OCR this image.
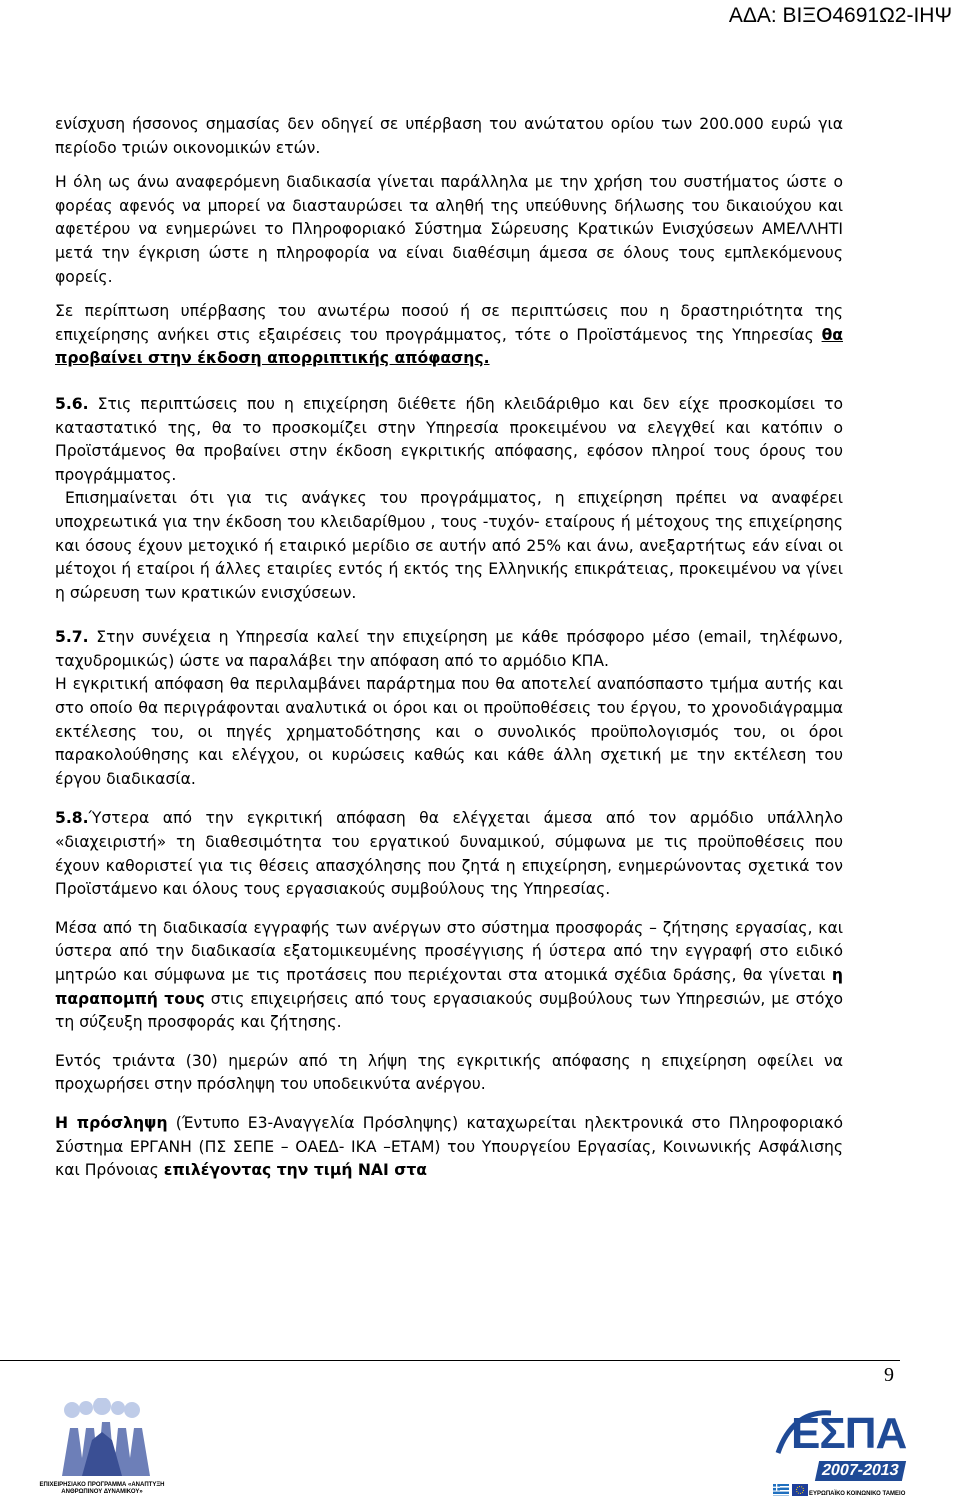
ΑΔΑ: ΒΙΞΟ4691Ω2-ΙΗΨ

ενίσχυση ήσσονος σημασίας δεν οδηγεί σε υπέρβαση του ανώτατου ορίου των 200.000 ευρώ για περίοδο τριών οικονομικών ετών.

Η όλη ως άνω αναφερόμενη διαδικασία γίνεται παράλληλα με την χρήση του συστήματος ώστε ο φορέας αφενός να μπορεί να διασταυρώσει τα αληθή της υπεύθυνης δήλωσης του δικαιούχου και αφετέρου να ενημερώνει το Πληροφοριακό Σύστημα Σώρευσης Κρατικών Ενισχύσεων ΑΜΕΛΛΗΤΙ μετά την έγκριση ώστε η πληροφορία να είναι διαθέσιμη άμεσα σε όλους τους εμπλεκόμενους φορείς.

Σε περίπτωση υπέρβασης του ανωτέρω ποσού ή σε περιπτώσεις που η δραστηριότητα της επιχείρησης ανήκει στις εξαιρέσεις του προγράμματος, τότε ο Προϊστάμενος της Υπηρεσίας θα προβαίνει στην έκδοση απορριπτικής απόφασης.

5.6. Στις περιπτώσεις που η επιχείρηση διέθετε ήδη κλειδάριθμο και δεν είχε προσκομίσει το καταστατικό της, θα το προσκομίζει στην Υπηρεσία προκειμένου να ελεγχθεί και κατόπιν ο Προϊστάμενος θα προβαίνει στην έκδοση εγκριτικής απόφασης, εφόσον πληροί τους όρους του προγράμματος.

Επισημαίνεται ότι για τις ανάγκες του προγράμματος, η επιχείρηση πρέπει να αναφέρει υποχρεωτικά για την έκδοση του κλειδαρίθμου , τους -τυχόν- εταίρους ή μέτοχους της επιχείρησης και όσους έχουν μετοχικό ή εταιρικό μερίδιο σε αυτήν από 25% και άνω, ανεξαρτήτως εάν είναι οι μέτοχοι ή εταίροι ή άλλες εταιρίες εντός ή εκτός της Ελληνικής επικράτειας, προκειμένου να γίνει η σώρευση των κρατικών ενισχύσεων.

5.7. Στην συνέχεια η Υπηρεσία καλεί την επιχείρηση με κάθε πρόσφορο μέσο (email, τηλέφωνο, ταχυδρομικώς) ώστε να παραλάβει την απόφαση από το αρμόδιο ΚΠΑ.

Η εγκριτική απόφαση θα περιλαμβάνει παράρτημα που θα αποτελεί αναπόσπαστο τμήμα αυτής και στο οποίο θα περιγράφονται αναλυτικά οι όροι και οι προϋποθέσεις του έργου, το χρονοδιάγραμμα εκτέλεσης του, οι πηγές χρηματοδότησης και ο συνολικός προϋπολογισμός του, οι όροι παρακολούθησης και ελέγχου, οι κυρώσεις καθώς και κάθε άλλη σχετική με την εκτέλεση του έργου διαδικασία.

5.8.Ύστερα από την εγκριτική απόφαση θα ελέγχεται άμεσα από τον αρμόδιο υπάλληλο «διαχειριστή» τη διαθεσιμότητα του εργατικού δυναμικού, σύμφωνα με τις προϋποθέσεις που έχουν καθοριστεί για τις θέσεις απασχόλησης που ζητά η επιχείρηση, ενημερώνοντας σχετικά τον Προϊστάμενο και όλους τους εργασιακούς συμβούλους της Υπηρεσίας.

Μέσα από τη διαδικασία εγγραφής των ανέργων στο σύστημα προσφοράς – ζήτησης εργασίας, και ύστερα από την διαδικασία εξατομικευμένης προσέγγισης ή ύστερα από την εγγραφή στο ειδικό μητρώο και σύμφωνα με τις προτάσεις που περιέχονται στα ατομικά σχέδια δράσης, θα γίνεται η παραπομπή τους στις επιχειρήσεις από τους εργασιακούς συμβούλους των Υπηρεσιών, με στόχο τη σύζευξη προσφοράς και ζήτησης.

Εντός τριάντα (30) ημερών από τη λήψη της εγκριτικής απόφασης η επιχείρηση οφείλει να προχωρήσει στην πρόσληψη του υποδεικνύτα ανέργου.

Η πρόσληψη (Έντυπο Ε3-Αναγγελία Πρόσληψης) καταχωρείται ηλεκτρονικά στο Πληροφοριακό Σύστημα ΕΡΓΑΝΗ (ΠΣ ΣΕΠΕ – ΟΑΕΔ- ΙΚΑ –ΕΤΑΜ) του Υπουργείου Εργασίας, Κοινωνικής Ασφάλισης και Πρόνοιας επιλέγοντας την τιμή ΝΑΙ στα

9
ΕΠΙΧΕΙΡΗΣΙΑΚΟ ΠΡΟΓΡΑΜΜΑ «ΑΝΑΠΤΥΞΗ ΑΝΘΡΩΠΙΝΟΥ ΔΥΝΑΜΙΚΟΥ»
ΕΣΠΑ
2007-2013
ΕΥΡΩΠΑΪΚΟ ΚΟΙΝΩΝΙΚΟ ΤΑΜΕΙΟ
